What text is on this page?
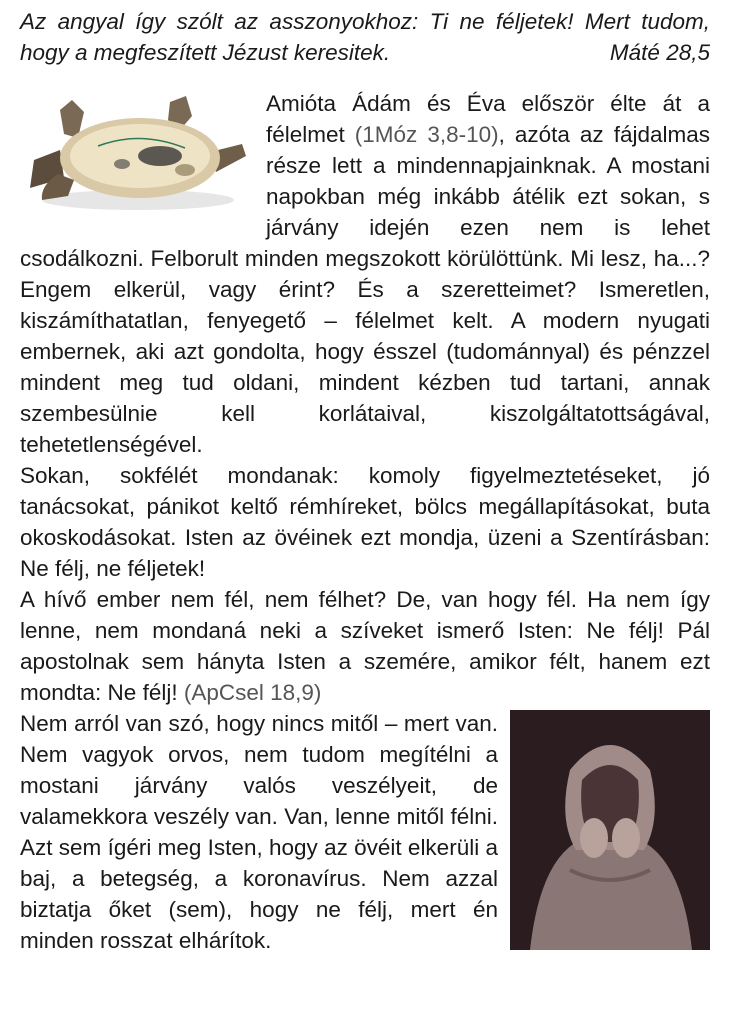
Az angyal így szólt az asszonyokhoz: Ti ne féljetek! Mert tudom, hogy a megfeszített Jézust keresitek.	Máté 28,5

Amióta Ádám és Éva először élte át a félelmet (1Móz 3,8-10), azóta az fájdalmas része lett a mindennapjainknak. A mostani napokban még inkább átélik ezt sokan, s járvány idején ezen nem is lehet csodálkozni. Felborult minden megszokott körülöttünk. Mi lesz, ha...? Engem elkerül, vagy érint? És a szeretteimet? Ismeretlen, kiszámíthatatlan, fenyegető – félelmet kelt. A modern nyugati embernek, aki azt gondolta, hogy ésszel (tudománnyal) és pénzzel mindent meg tud oldani, mindent kézben tud tartani, annak szembesülnie kell korlátaival, kiszolgáltatottságával, tehetetlenségével.

Sokan, sokfélét mondanak: komoly figyelmeztetéseket, jó tanácsokat, pánikot keltő rémhíreket, bölcs megállapításokat, buta okoskodásokat. Isten az övéinek ezt mondja, üzeni a Szentírásban: Ne félj, ne féljetek!

A hívő ember nem fél, nem félhet? De, van hogy fél. Ha nem így lenne, nem mondaná neki a szíveket ismerő Isten: Ne félj! Pál apostolnak sem hányta Isten a szemére, amikor félt, hanem ezt mondta: Ne félj! (ApCsel 18,9)

Nem arról van szó, hogy nincs mitől – mert van. Nem vagyok orvos, nem tudom megítélni a mostani járvány valós veszélyeit, de valamekkora veszély van. Van, lenne mitől félni. Azt sem ígéri meg Isten, hogy az övéit elkerüli a baj, a betegség, a koronavírus. Nem azzal biztatja őket (sem), hogy ne félj, mert én minden rosszat elhárítok.
